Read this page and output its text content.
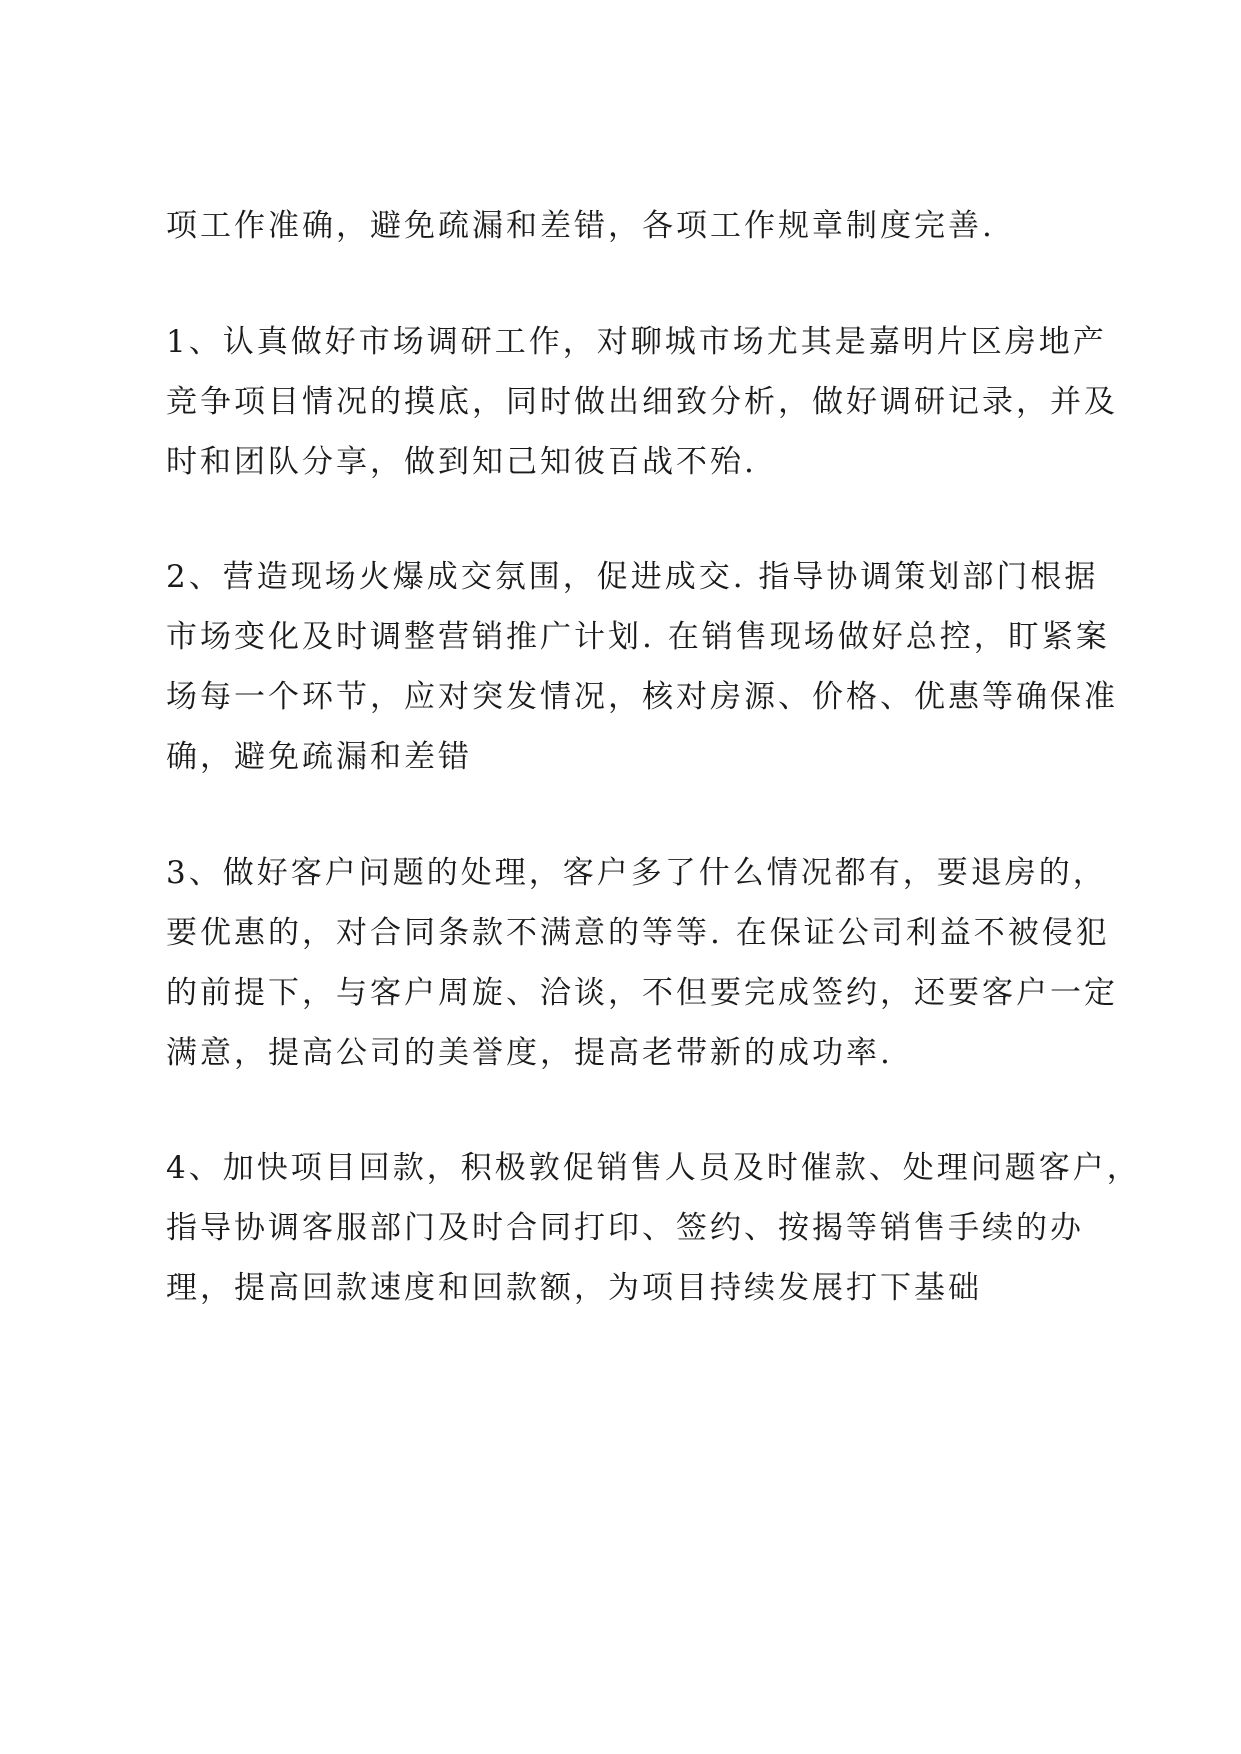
项工作准确，避免疏漏和差错，各项工作规章制度完善.
1、认真做好市场调研工作，对聊城市场尤其是嘉明片区房地产
竞争项目情况的摸底，同时做出细致分析，做好调研记录，并及
时和团队分享，做到知己知彼百战不殆.
2、营造现场火爆成交氛围，促进成交. 指导协调策划部门根据
市场变化及时调整营销推广计划. 在销售现场做好总控，盯紧案
场每一个环节，应对突发情况，核对房源、价格、优惠等确保准
确，避免疏漏和差错
3、做好客户问题的处理，客户多了什么情况都有，要退房的，
要优惠的，对合同条款不满意的等等. 在保证公司利益不被侵犯
的前提下，与客户周旋、洽谈，不但要完成签约，还要客户一定
满意，提高公司的美誉度，提高老带新的成功率.
4、加快项目回款，积极敦促销售人员及时催款、处理问题客户，
指导协调客服部门及时合同打印、签约、按揭等销售手续的办
理，提高回款速度和回款额，为项目持续发展打下基础
